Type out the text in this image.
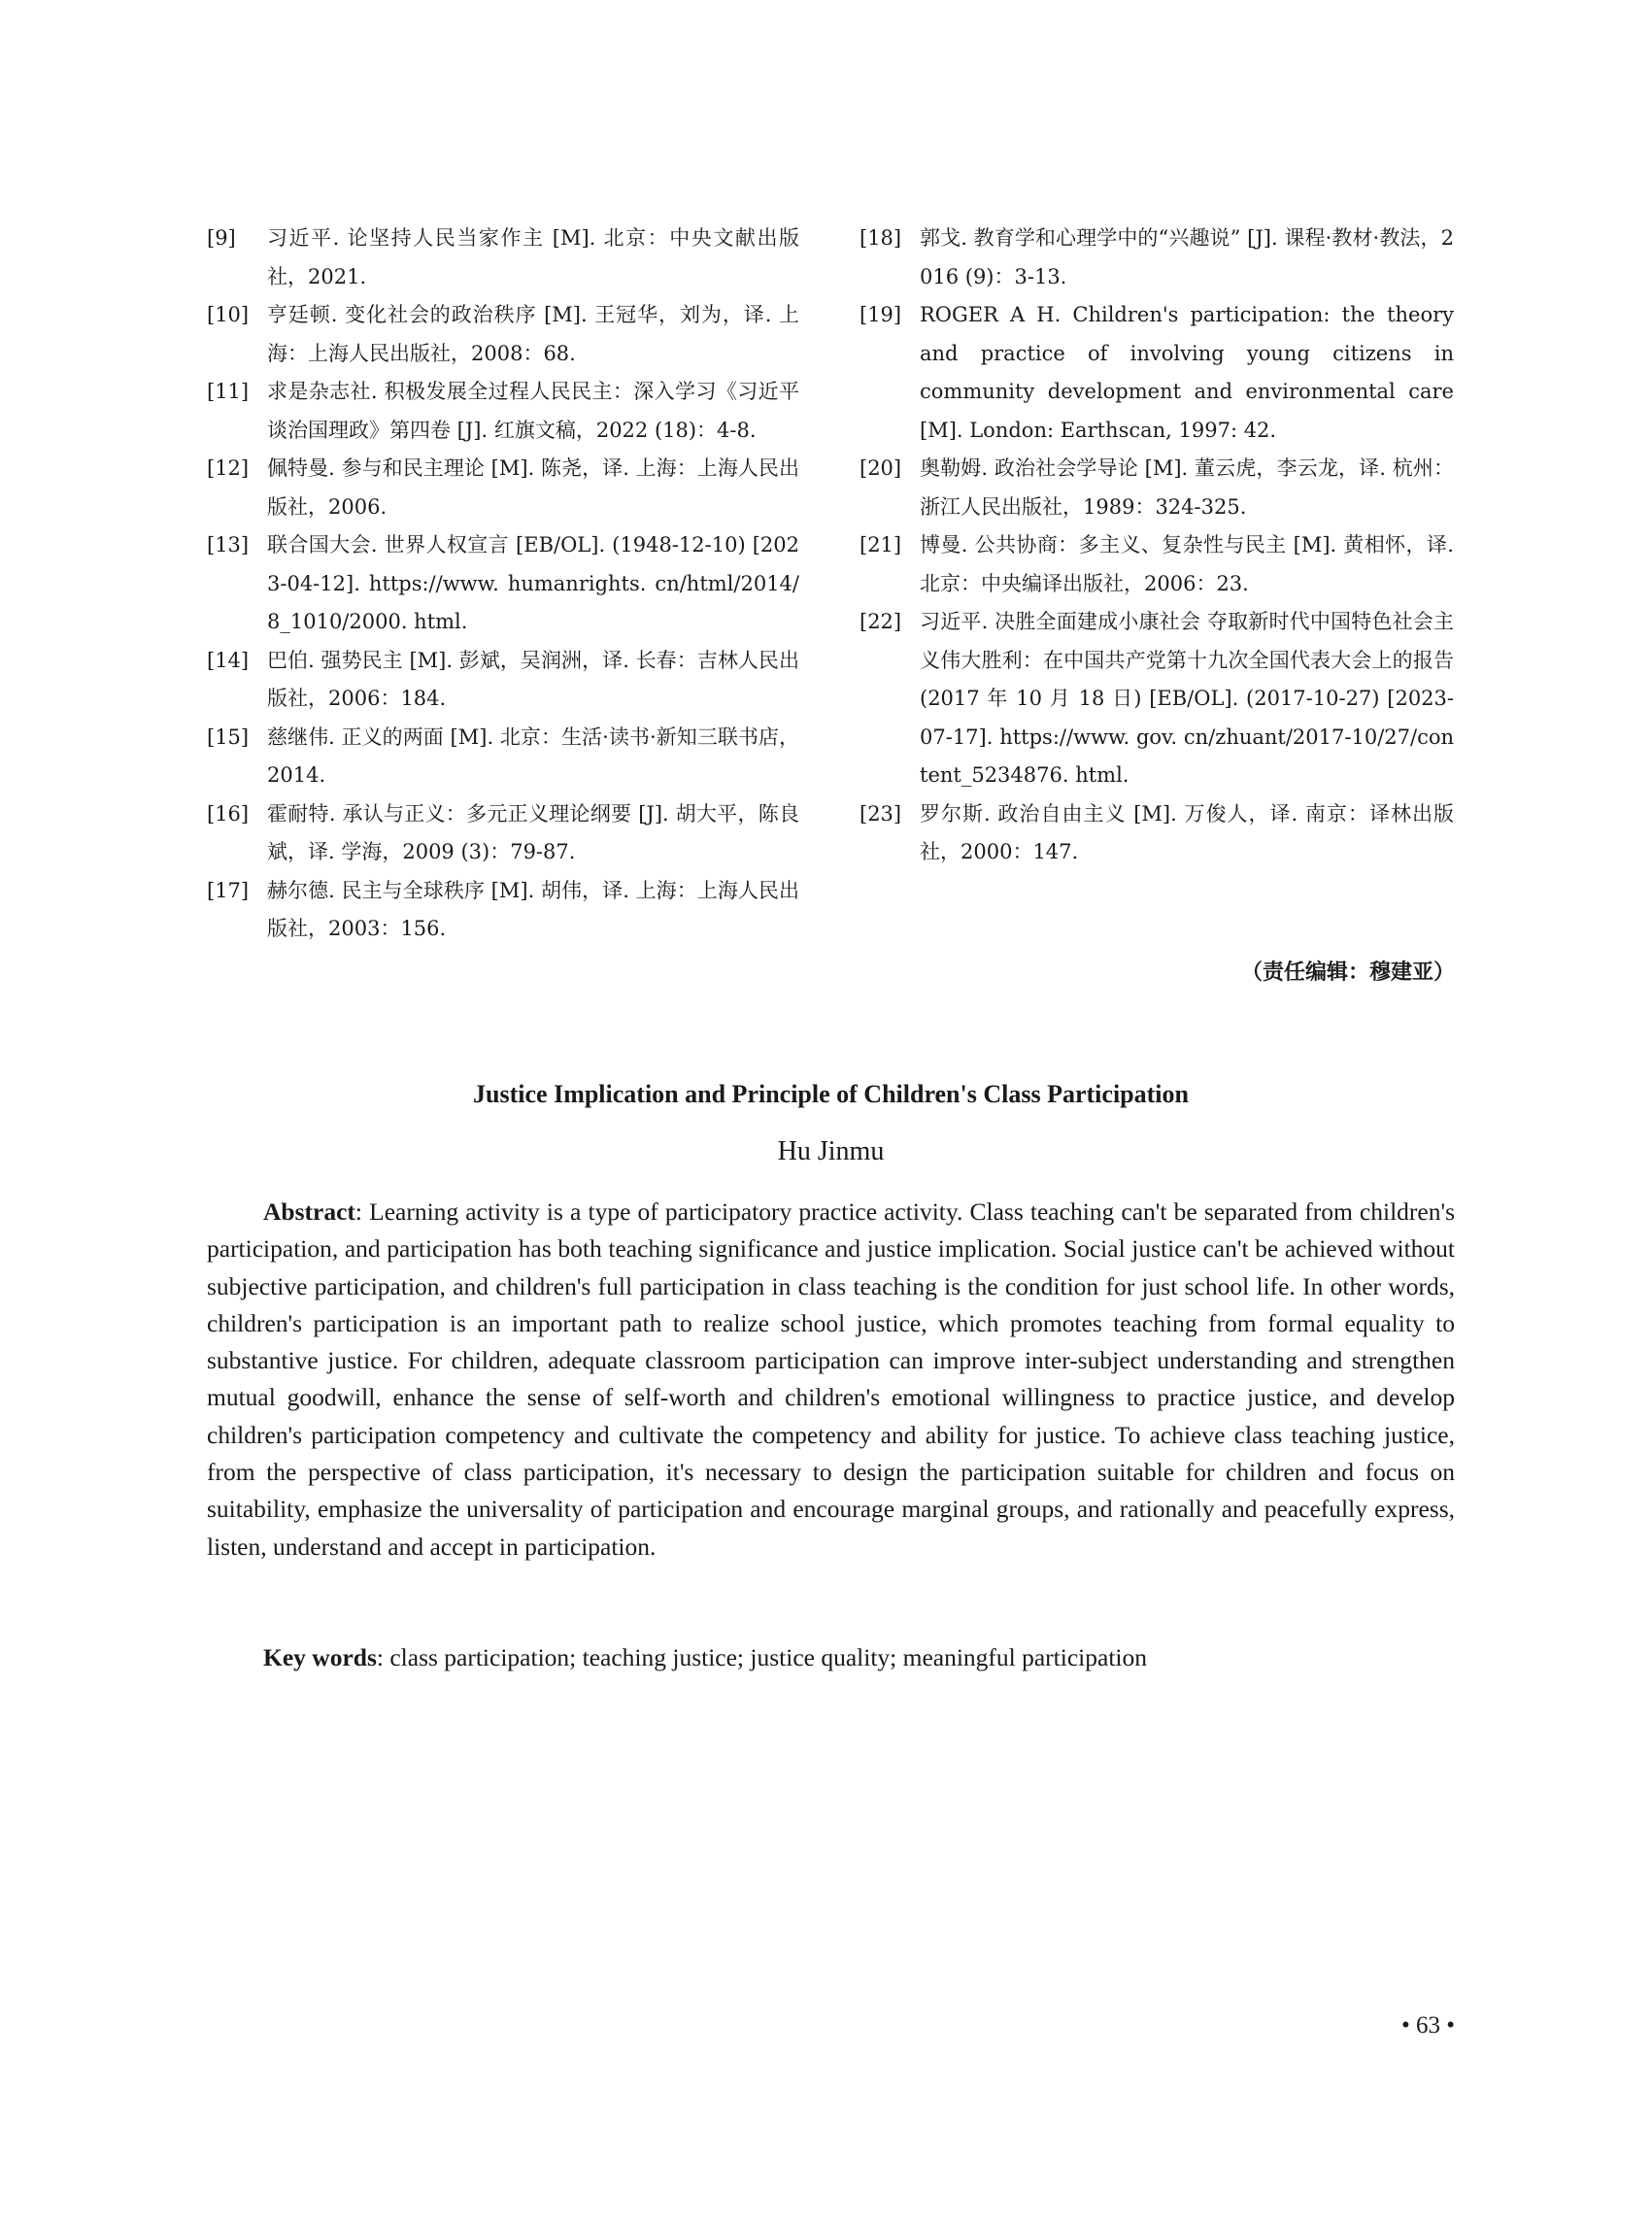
[9]	习近平. 论坚持人民当家作主 [M]. 北京：中央文献出版社，2021.
[10] 亨廷顿. 变化社会的政治秩序 [M]. 王冠华，刘为，译. 上海：上海人民出版社，2008：68.
[11] 求是杂志社. 积极发展全过程人民民主：深入学习《习近平谈治国理政》第四卷 [J]. 红旗文稿，2022 (18)：4-8.
[12] 佩特曼. 参与和民主理论 [M]. 陈尧，译. 上海：上海人民出版社，2006.
[13] 联合国大会. 世界人权宣言 [EB/OL]. (1948-12-10) [2023-04-12]. https://www. humanrights. cn/html/2014/8_1010/2000. html.
[14] 巴伯. 强势民主 [M]. 彭斌，吴润洲，译. 长春：吉林人民出版社，2006：184.
[15] 慈继伟. 正义的两面 [M]. 北京：生活·读书·新知三联书店，2014.
[16] 霍耐特. 承认与正义：多元正义理论纲要 [J]. 胡大平，陈良斌，译. 学海，2009 (3)：79-87.
[17] 赫尔德. 民主与全球秩序 [M]. 胡伟，译. 上海：上海人民出版社，2003：156.
[18] 郭戈. 教育学和心理学中的“兴趣说” [J]. 课程·教材·教法，2016 (9)：3-13.
[19] ROGER A H. Children's participation: the theory and practice of involving young citizens in community development and environmental care [M]. London: Earthscan, 1997: 42.
[20] 奥勒姆. 政治社会学导论 [M]. 董云虎，李云龙，译. 杭州：浙江人民出版社，1989：324-325.
[21] 博曼. 公共协商：多主义、复杂性与民主 [M]. 黄相怀，译. 北京：中央编译出版社，2006：23.
[22] 习近平. 决胜全面建成小康社会 夺取新时代中国特色社会主义伟大胜利：在中国共产党第十九次全国代表大会上的报告 (2017 年 10 月 18 日) [EB/OL]. (2017-10-27) [2023-07-17]. https://www. gov. cn/zhuant/2017-10/27/content_5234876. html.
[23] 罗尔斯. 政治自由主义 [M]. 万俊人，译. 南京：译林出版社，2000：147.
（责任编辑：穆建亚）
Justice Implication and Principle of Children's Class Participation
Hu Jinmu

Abstract: Learning activity is a type of participatory practice activity. Class teaching can't be separated from children's participation, and participation has both teaching significance and justice implication. Social justice can't be achieved without subjective participation, and children's full participation in class teaching is the condition for just school life. In other words, children's participation is an important path to realize school justice, which promotes teaching from formal equality to substantive justice. For children, adequate classroom participation can improve inter-subject understanding and strengthen mutual goodwill, enhance the sense of self-worth and children's emotional willingness to practice justice, and develop children's participation competency and cultivate the competency and ability for justice. To achieve class teaching justice, from the perspective of class participation, it's necessary to design the participation suitable for children and focus on suitability, emphasize the universality of participation and encourage marginal groups, and rationally and peacefully express, listen, understand and accept in participation.

Key words: class participation; teaching justice; justice quality; meaningful participation

• 63 •
